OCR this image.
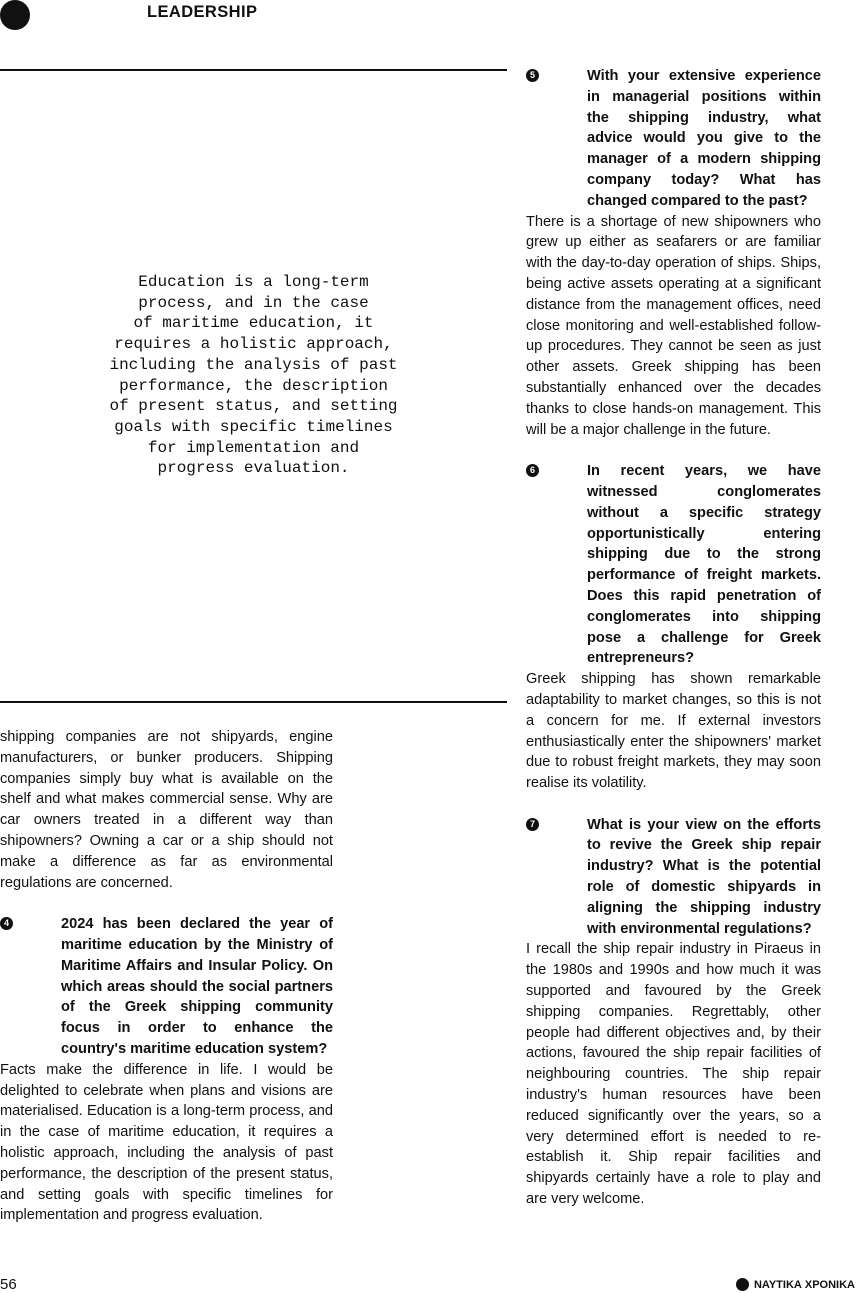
LEADERSHIP
Education is a long-term
process, and in the case
of maritime education, it
requires a holistic approach,
including the analysis of past
performance, the description
of present status, and setting
goals with specific timelines
for implementation and
progress evaluation.

shipping companies are not shipyards, engine manufacturers, or bunker producers. Shipping companies simply buy what is available on the shelf and what makes commercial sense. Why are car owners treated in a different way than shipowners? Owning a car or a ship should not make a difference as far as environmental regulations are concerned.

4	2024 has been declared the year of maritime education by the Ministry of Maritime Affairs and Insular Policy. On which areas should the social partners of the Greek shipping community focus in order to enhance the country's maritime education system?

Facts make the difference in life. I would be delighted to celebrate when plans and visions are materialised. Education is a long-term process, and in the case of maritime education, it requires a holistic approach, including the analysis of past performance, the description of the present status, and setting goals with specific timelines for implementation and progress evaluation.

5	With your extensive experience in managerial positions within the shipping industry, what advice would you give to the manager of a modern shipping company today? What has changed compared to the past?

There is a shortage of new shipowners who grew up either as seafarers or are familiar with the day-to-day operation of ships. Ships, being active assets operating at a significant distance from the management offices, need close monitoring and well-established follow-up procedures. They cannot be seen as just other assets. Greek shipping has been substantially enhanced over the decades thanks to close hands-on management. This will be a major challenge in the future.

6	In recent years, we have witnessed conglomerates without a specific strategy opportunistically entering shipping due to the strong performance of freight markets. Does this rapid penetration of conglomerates into shipping pose a challenge for Greek entrepreneurs?

Greek shipping has shown remarkable adaptability to market changes, so this is not a concern for me. If external investors enthusiastically enter the shipowners' market due to robust freight markets, they may soon realise its volatility.

7	What is your view on the efforts to revive the Greek ship repair industry? What is the potential role of domestic shipyards in aligning the shipping industry with environmental regulations?

I recall the ship repair industry in Piraeus in the 1980s and 1990s and how much it was supported and favoured by the Greek shipping companies. Regrettably, other people had different objectives and, by their actions, favoured the ship repair facilities of neighbouring countries. The ship repair industry's human resources have been reduced significantly over the years, so a very determined effort is needed to re-establish it. Ship repair facilities and shipyards certainly have a role to play and are very welcome.

56	ΝΑΥΤΙΚΑ ΧΡΟΝΙΚΑ
